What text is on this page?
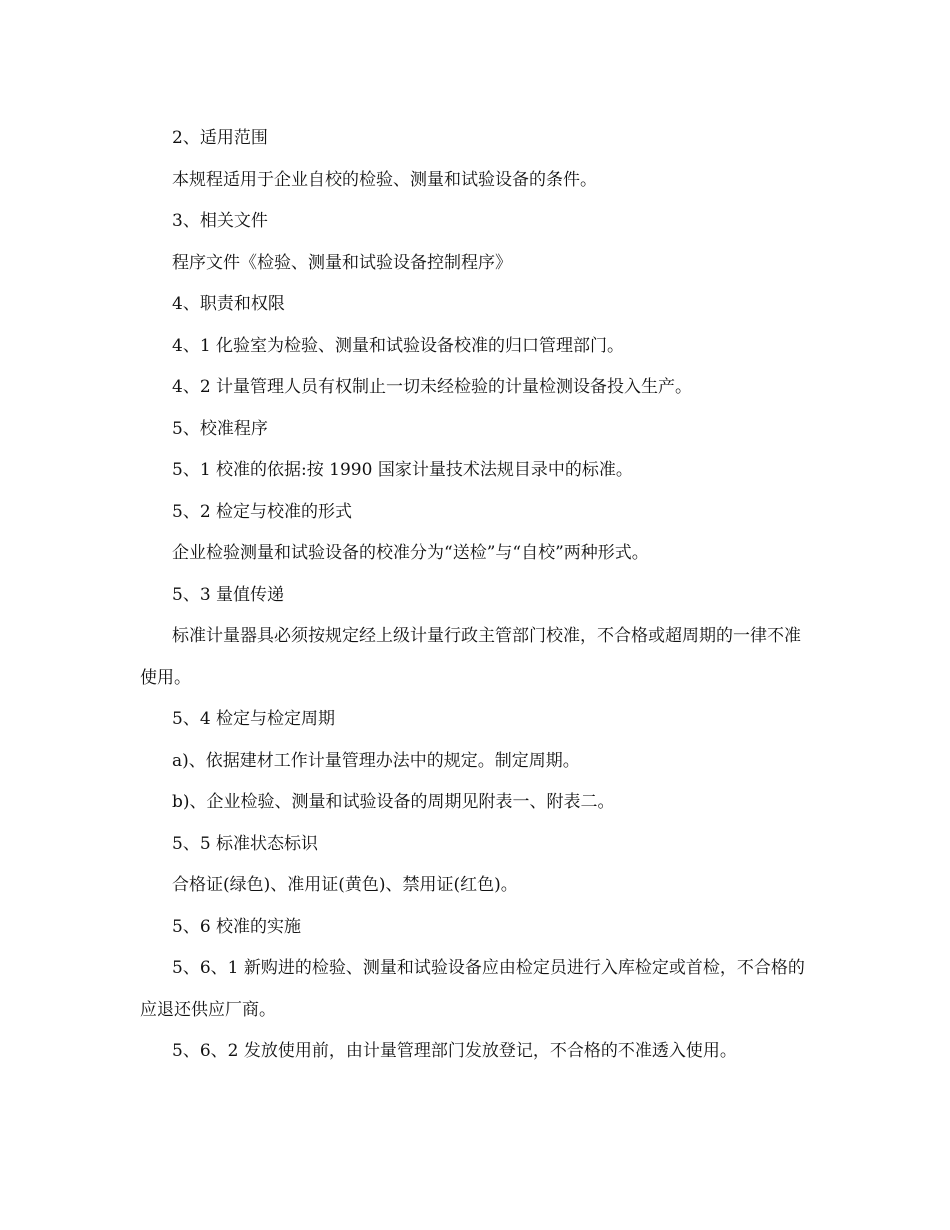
2、适用范围

本规程适用于企业自校的检验、测量和试验设备的条件。

3、相关文件

程序文件《检验、测量和试验设备控制程序》

4、职责和权限

4、1 化验室为检验、测量和试验设备校准的归口管理部门。

4、2 计量管理人员有权制止一切未经检验的计量检测设备投入生产。

5、校准程序

5、1 校准的依据:按 1990 国家计量技术法规目录中的标准。

5、2 检定与校准的形式

企业检验测量和试验设备的校准分为“送检”与“自校”两种形式。

5、3 量值传递

标准计量器具必须按规定经上级计量行政主管部门校准，不合格或超周期的一律不准使用。

5、4 检定与检定周期

a)、依据建材工作计量管理办法中的规定。制定周期。

b)、企业检验、测量和试验设备的周期见附表一、附表二。

5、5 标准状态标识

合格证(绿色)、准用证(黄色)、禁用证(红色)。

5、6 校准的实施

5、6、1 新购进的检验、测量和试验设备应由检定员进行入库检定或首检，不合格的应退还供应厂商。

5、6、2 发放使用前，由计量管理部门发放登记，不合格的不准透入使用。
